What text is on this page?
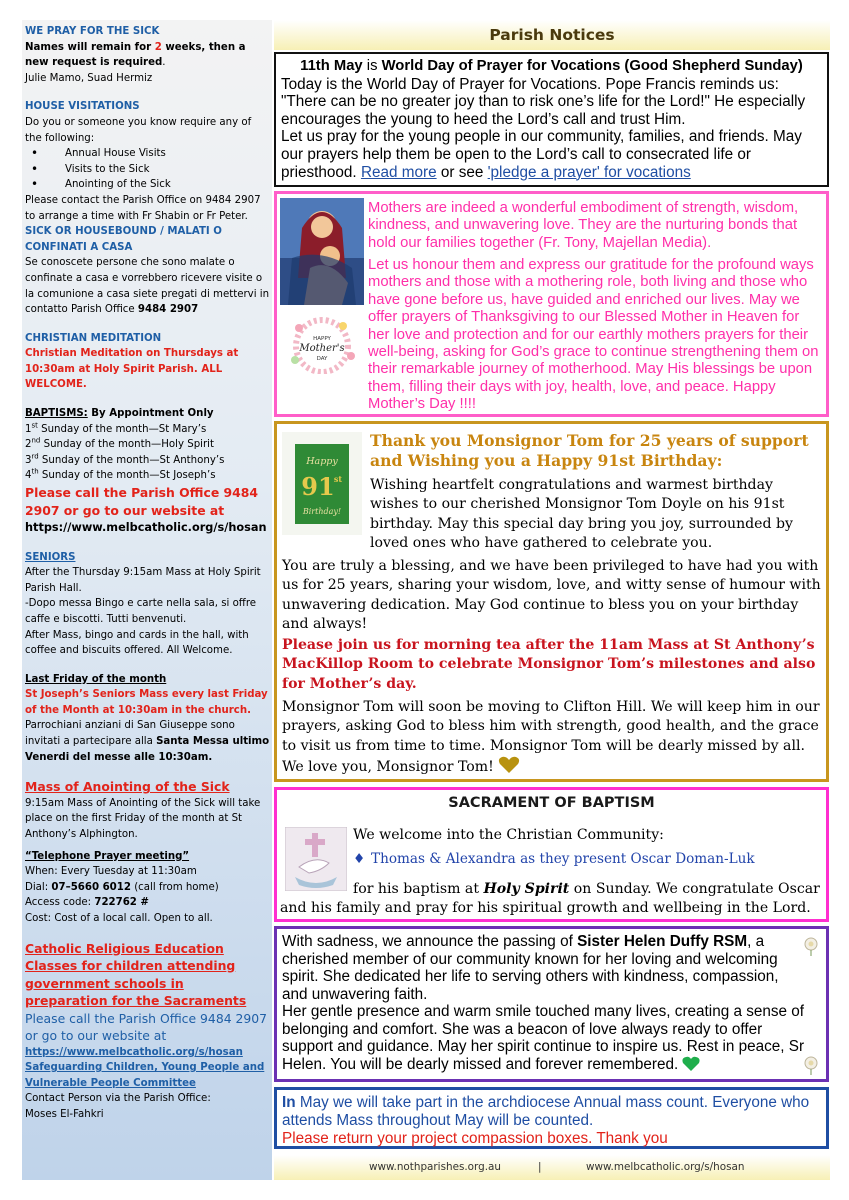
WE PRAY FOR THE SICK
Names will remain for 2 weeks, then a new request is required.
Julie Mamo, Suad Hermiz
HOUSE VISITATIONS
Do you or someone you know require any of the following:
• Annual House Visits
• Visits to the Sick
• Anointing of the Sick
Please contact the Parish Office on 9484 2907 to arrange a time with Fr Shabin or Fr Peter.
SICK OR HOUSEBOUND / MALATI O CONFINATI A CASA
Se conoscete persone che sono malate o confinate a casa e vorrebbero ricevere visite o la comunione a casa siete pregati di mettervi in contatto Parish Office 9484 2907
CHRISTIAN MEDITATION
Christian Meditation on Thursdays at 10:30am at Holy Spirit Parish. ALL WELCOME.
BAPTISMS: By Appointment Only
1st Sunday of the month—St Mary’s
2nd Sunday of the month—Holy Spirit
3rd Sunday of the month—St Anthony’s
4th Sunday of the month—St Joseph’s
Please call the Parish Office 9484 2907 or go to our website at
https://www.melbcatholic.org/s/hosan
SENIORS
After the Thursday 9:15am Mass at Holy Spirit Parish Hall.
-Dopo messa Bingo e carte nella sala, si offre caffe e biscotti. Tutti benvenuti.
After Mass, bingo and cards in the hall, with coffee and biscuits offered. All Welcome.
Last Friday of the month
St Joseph’s Seniors Mass every last Friday of the Month at 10:30am in the church.
Parrochiani anziani di San Giuseppe sono invitati a partecipare alla Santa Messa ultimo Venerdi del messe alle 10:30am.
Mass of Anointing of the Sick
9:15am Mass of Anointing of the Sick will take place on the first Friday of the month at St Anthony’s Alphington.
“Telephone Prayer meeting”
When: Every Tuesday at 11:30am
Dial: 07–5660 6012 (call from home)
Access code: 722762 #
Cost: Cost of a local call. Open to all.
Catholic Religious Education Classes for children attending government schools in preparation for the Sacraments
Please call the Parish Office 9484 2907 or go to our website at
https://www.melbcatholic.org/s/hosan
Safeguarding Children, Young People and Vulnerable People Committee
Contact Person via the Parish Office:
Moses El-Fahkri
Parish Notices
11th May is World Day of Prayer for Vocations (Good Shepherd Sunday)
Today is the World Day of Prayer for Vocations. Pope Francis reminds us: "There can be no greater joy than to risk one’s life for the Lord!" He especially encourages the young to heed the Lord’s call and trust Him.
Let us pray for the young people in our community, families, and friends. May our prayers help them be open to the Lord’s call to consecrated life or priesthood. Read more or see 'pledge a prayer' for vocations
HAPPY
Mother's
DAY
Mothers are indeed a wonderful embodiment of strength, wisdom, kindness, and unwavering love. They are the nurturing bonds that hold our families together (Fr. Tony, Majellan Media).
Let us honour them and express our gratitude for the profound ways mothers and those with a mothering role, both living and those who have gone before us, have guided and enriched our lives. May we offer prayers of Thanksgiving to our Blessed Mother in Heaven for her love and protection and for our earthly mothers prayers for their well-being, asking for God’s grace to continue strengthening them on their remarkable journey of motherhood. May His blessings be upon them, filling their days with joy, health, love, and peace. Happy Mother’s Day !!!!
Happy
91 st
Birthday!
Thank you Monsignor Tom for 25 years of support and Wishing you a Happy 91st Birthday:
Wishing heartfelt congratulations and warmest birthday wishes to our cherished Monsignor Tom Doyle on his 91st birthday. May this special day bring you joy, surrounded by loved ones who have gathered to celebrate you.
You are truly a blessing, and we have been privileged to have had you with us for 25 years, sharing your wisdom, love, and witty sense of humour with unwavering dedication. May God continue to bless you on your birthday and always!
Please join us for morning tea after the 11am Mass at St Anthony’s MacKillop Room to celebrate Monsignor Tom’s milestones and also for Mother’s day.
Monsignor Tom will soon be moving to Clifton Hill. We will keep him in our prayers, asking God to bless him with strength, good health, and the grace to visit us from time to time. Monsignor Tom will be dearly missed by all. We love you, Monsignor Tom!
SACRAMENT OF BAPTISM
We welcome into the Christian Community:
♦ Thomas & Alexandra as they present Oscar Doman-Luk
for his baptism at Holy Spirit on Sunday. We congratulate Oscar and his family and pray for his spiritual growth and wellbeing in the Lord.
With sadness, we announce the passing of Sister Helen Duffy RSM, a cherished member of our community known for her loving and welcoming spirit. She dedicated her life to serving others with kindness, compassion, and unwavering faith.
Her gentle presence and warm smile touched many lives, creating a sense of belonging and comfort. She was a beacon of love always ready to offer support and guidance. May her spirit continue to inspire us. Rest in peace, Sr Helen. You will be dearly missed and forever remembered.
In May we will take part in the archdiocese Annual mass count. Everyone who attends Mass throughout May will be counted.
Please return your project compassion boxes. Thank you
www.nothparishes.org.au	|	www.melbcatholic.org/s/hosan
